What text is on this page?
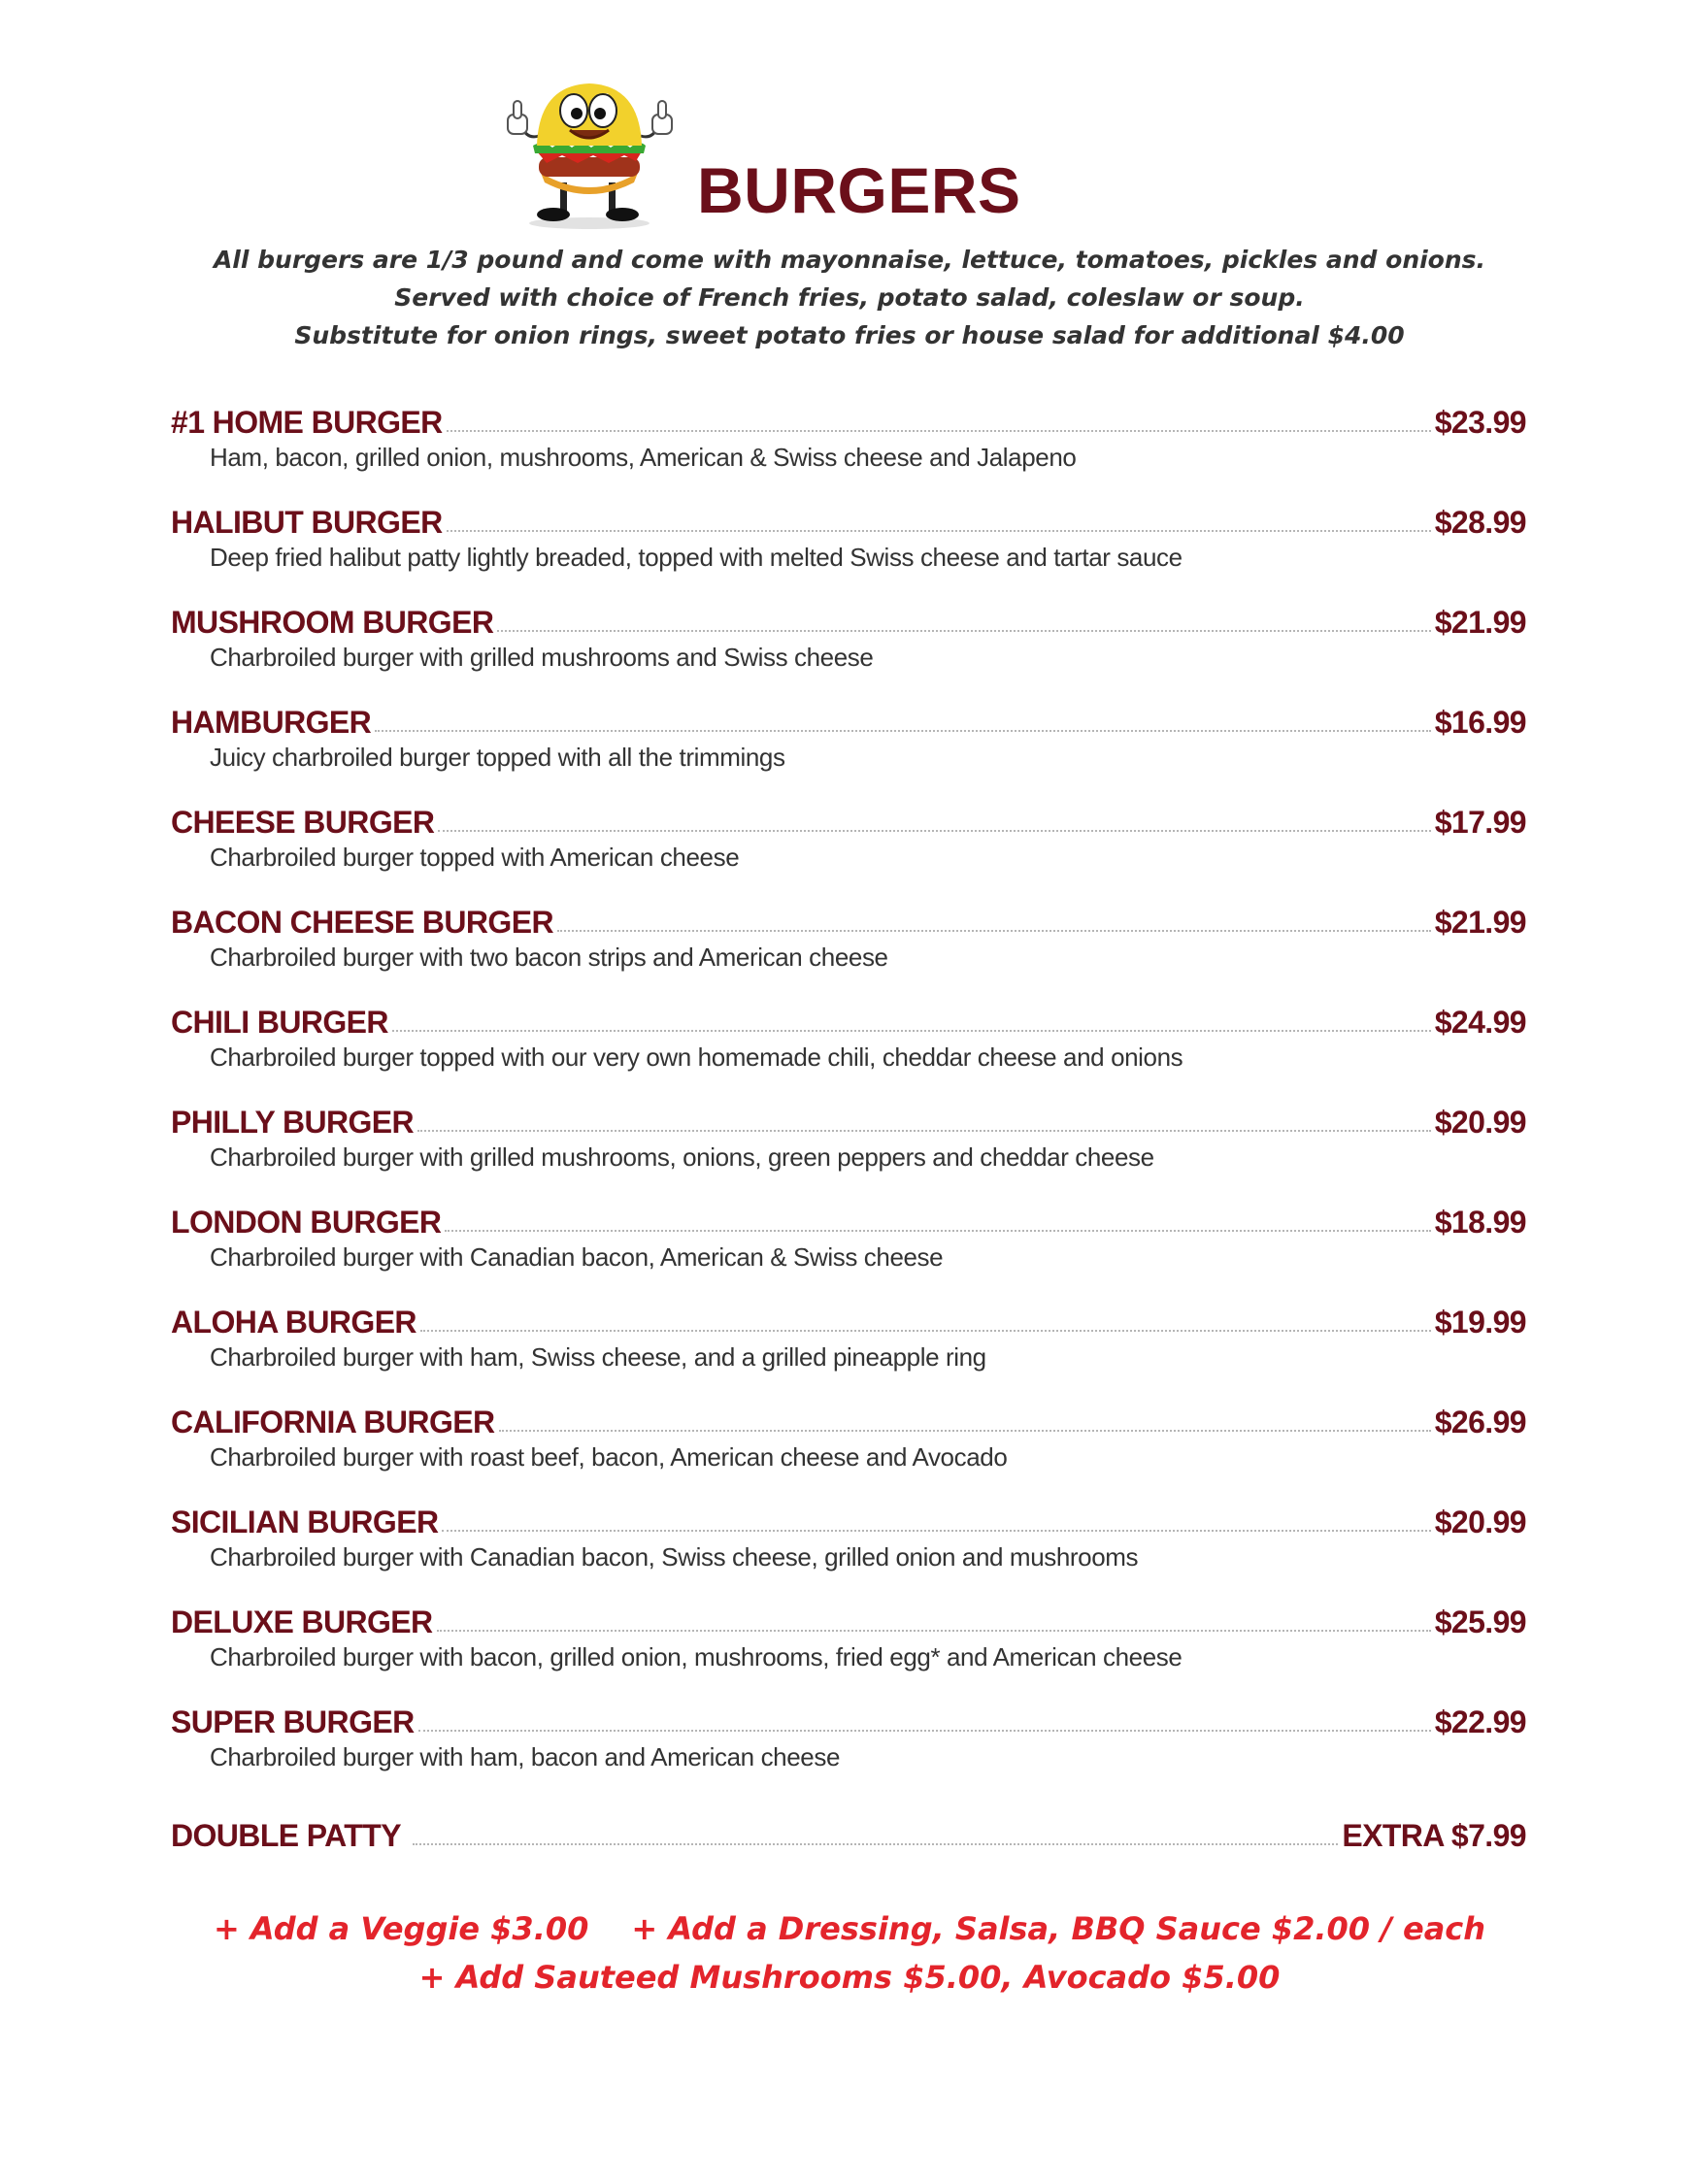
BURGERS
All burgers are 1/3 pound and come with mayonnaise, lettuce, tomatoes, pickles and onions.
Served with choice of French fries, potato salad, coleslaw or soup.
Substitute for onion rings, sweet potato fries or house salad for additional $4.00
#1 HOME BURGER	$23.99
Ham, bacon, grilled onion, mushrooms, American & Swiss cheese and Jalapeno
HALIBUT BURGER	$28.99
Deep fried halibut patty lightly breaded, topped with melted Swiss cheese and tartar sauce
MUSHROOM BURGER	$21.99
Charbroiled burger with grilled mushrooms and Swiss cheese
HAMBURGER	$16.99
Juicy charbroiled burger topped with all the trimmings
CHEESE BURGER	$17.99
Charbroiled burger topped with American cheese
BACON CHEESE BURGER	$21.99
Charbroiled burger with two bacon strips and American cheese
CHILI BURGER	$24.99
Charbroiled burger topped with our very own homemade chili, cheddar cheese and onions
PHILLY BURGER	$20.99
Charbroiled burger with grilled mushrooms, onions, green peppers and cheddar cheese
LONDON BURGER	$18.99
Charbroiled burger with Canadian bacon, American & Swiss cheese
ALOHA BURGER	$19.99
Charbroiled burger with ham, Swiss cheese, and a grilled pineapple ring
CALIFORNIA BURGER	$26.99
Charbroiled burger with roast beef, bacon, American cheese and Avocado
SICILIAN BURGER	$20.99
Charbroiled burger with Canadian bacon, Swiss cheese, grilled onion and mushrooms
DELUXE BURGER	$25.99
Charbroiled burger with bacon, grilled onion, mushrooms, fried egg* and American cheese
SUPER BURGER	$22.99
Charbroiled burger with ham, bacon and American cheese
DOUBLE PATTY	EXTRA $7.99
+ Add a Veggie $3.00 + Add a Dressing, Salsa, BBQ Sauce $2.00 / each
+ Add Sauteed Mushrooms $5.00, Avocado $5.00
